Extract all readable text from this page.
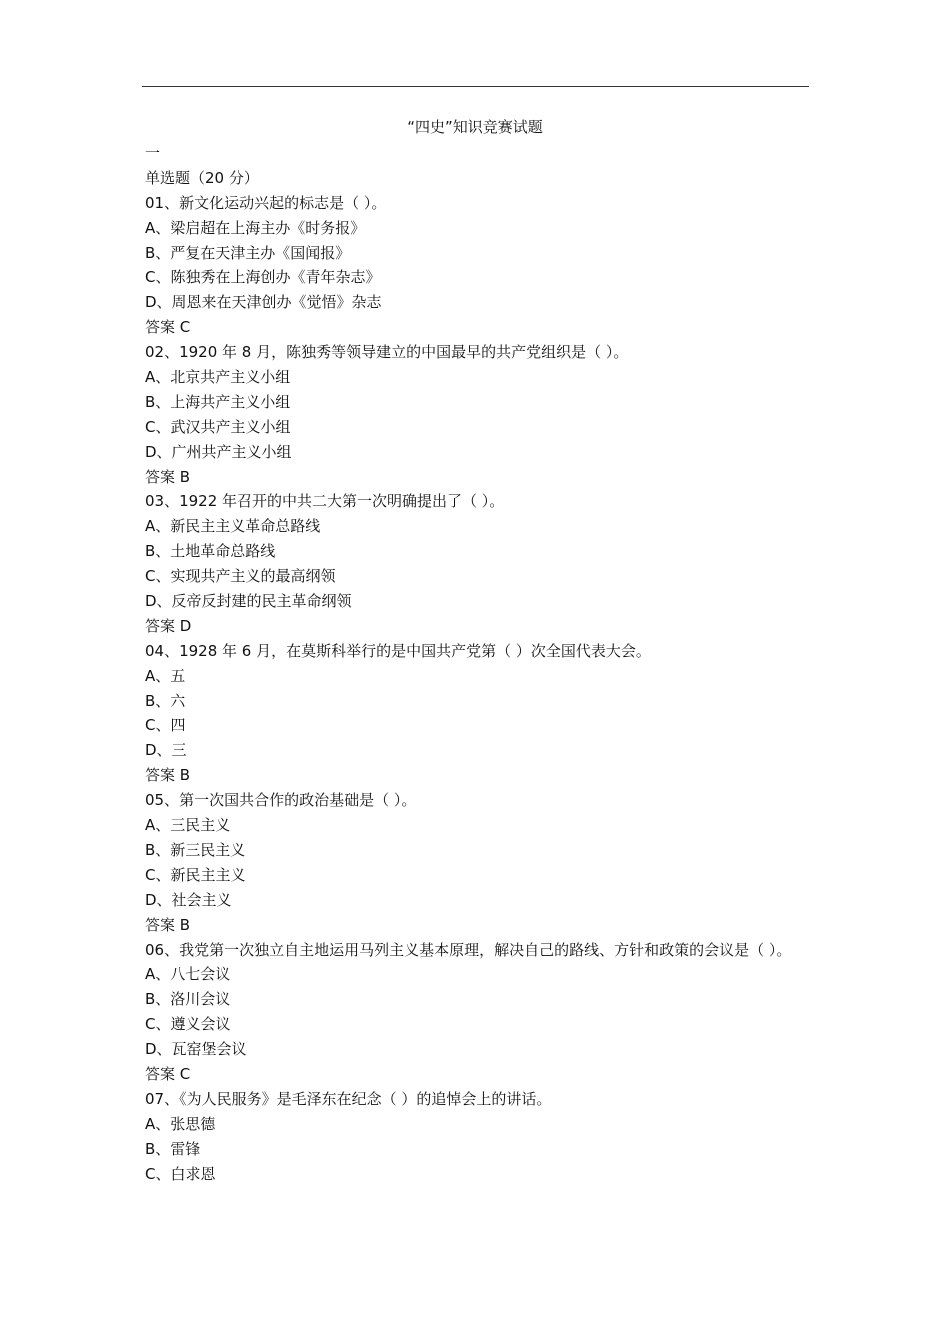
“四史”知识竞赛试题
一
单选题（20 分）
01、新文化运动兴起的标志是（ ）。
A、梁启超在上海主办《时务报》
B、严复在天津主办《国闻报》
C、陈独秀在上海创办《青年杂志》
D、周恩来在天津创办《觉悟》杂志
答案 C
02、1920 年 8 月，陈独秀等领导建立的中国最早的共产党组织是（ ）。
A、北京共产主义小组
B、上海共产主义小组
C、武汉共产主义小组
D、广州共产主义小组
答案 B
03、1922 年召开的中共二大第一次明确提出了（ ）。
A、新民主主义革命总路线
B、土地革命总路线
C、实现共产主义的最高纲领
D、反帝反封建的民主革命纲领
答案 D
04、1928 年 6 月，在莫斯科举行的是中国共产党第（ ）次全国代表大会。
A、五
B、六
C、四
D、三
答案 B
05、第一次国共合作的政治基础是（ ）。
A、三民主义
B、新三民主义
C、新民主主义
D、社会主义
答案 B
06、我党第一次独立自主地运用马列主义基本原理，解决自己的路线、方针和政策的会议是（ ）。
A、八七会议
B、洛川会议
C、遵义会议
D、瓦窑堡会议
答案 C
07、《为人民服务》是毛泽东在纪念（ ）的追悼会上的讲话。
A、张思德
B、雷锋
C、白求恩
